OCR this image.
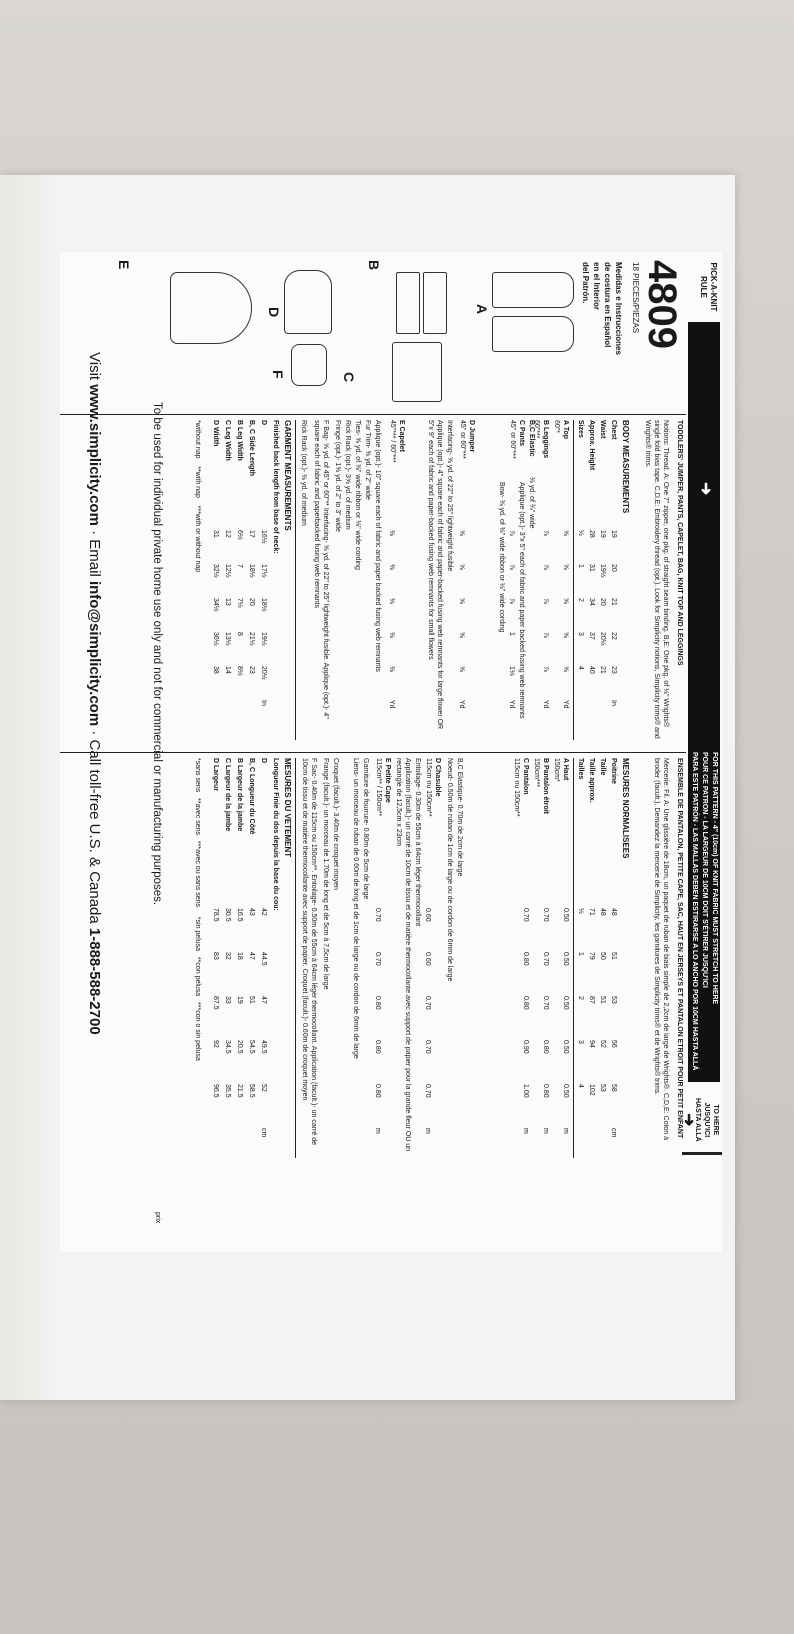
PICK-A-KNIT
RULE
FOR THIS PATTERN - 4" (10cm) OF KNIT FABRIC MUST STRETCH TO HERE
POUR CE PATRON - LA LARGEUR DE 10CM DOIT S'ÉTIRER JUSQU'ICI
PARA ESTE PATRÓN - LAS MALLAS DEBEN ESTIRARSE A LO ANCHO POR 10CM HASTA ALLÁ
➜
TO HERE
JUSQU'ICI
HASTA ALLÁ
➜
4809
18 PIECES/PIEZAS
Medidas e Instrucciones
de costura en Español
en el Interior
del Patrón.
A
B
C
D
F
E
TODDLERS' JUMPER, PANTS, CAPELET, BAG, KNIT TOP AND LEGGINGS
Notions: Thread. A: One 7" zipper, one pkg. of straight seam binding. B,E: One pkg. of ½" Wrights® single fold bias tape. C,D,E: Embroidery thread (opt.). Look for Simplicity notions, Simplicity trims® and Wrights® trims.
BODY MEASUREMENTS
Chest
19
20
21
22
23
In
Waist
19
19½
20
20½
21
Approx. Height
28
31
34
37
40
Sizes
½
1
2
3
4
A Top
60"*
⅝
⅝
⅝
⅝
⅝
Yd
B Leggings
60"***
⅞
⅞
⅞
⅞
⅞
Yd
C Pants
45" or 60"***
⅞
⅞
⅞
1
1⅛
Yd
D Jumper
45" or 60"***
⅝
⅝
⅝
⅝
⅝
Yd
E Capelet
45"*** / 60"***
⅜
⅜
⅜
⅜
⅜
Yd
B,C Elastic
⅜ yd. of ¾" wide
Applique (opt.)- 3"x 5" each of fabric and paper backed fusing web remnants
Bow- ⅜ yd. of ⅜" wide ribbon or ⅛" wide cording
Interfacing- ⅝ yd. of 22" to 25" lightweight fusible
Applique (opt.)- 4" square each of fabric and paper-backed fusing web remnants for large flower OR 5"x 9" each of fabric and paper-backed fusing web remnants for small flowers
Applique (opt.)- 10" square each of fabric and paper backed fusing web remnants
Fur Trim- ⅝ yd. of 2" wide
Ties- ⅝ yd. of ⅜" wide ribbon or ⅛" wide cording
Rick Rack (opt.)- 3⅝ yd. of medium
Fringe (opt.)- 1⅝ yd. of 2" to 3" wide
F Bag- ⅝ yd. of 45" or 60"** Interfacing- ⅝ yd. of 22" to 25" lightweight fusible. Applique (opt.)- 4" square each of fabric and paperbacked fusing web remnants
Rick Rack (opt.)- ⅜ yd. of medium
GARMENT MEASUREMENTS
Finished back length from base of neck:
D
16½
17½
18½
19½
20½
In
B, C Side Length
17
18½
20
21½
23
B Leg Width
6½
7
7½
8
8½
C Leg Width
12
12½
13
13½
14
D Width
31
32½
34½
36½
38
*without nap    **with nap    ***with or without nap
ENSEMBLE DE PANTALON, PETITE CAPE, SAC, HAUT EN JERSEYS ET PANTALON ETROIT POUR PETIT ENFANT
Mercerie: Fil. A: Une glissière de 18cm, un paquet de ruban de biais simple de 2,2cm de large de Wrights®. C,D,E: Coton à broder (facult.). Demandez la mercerie de Simplicity, les garnitures de Simplicity trims® et de Wrights® trims.
MESURES NORMALISEES
Poitrine
48
51
53
56
58
cm
Taille
48
50
51
52
53
Taille approx.
71
79
87
94
102
Tailles
½
1
2
3
4
A Haut
150cm*
0.50
0.50
0.50
0.50
0.50
m
B Pantalon étroit
150cm***
0.70
0.70
0.70
0.80
0.80
m
C Pantalon
115cm ou 150cm**
0.70
0.80
0.80
0.90
1.00
m
D Chasuble
115cm ou 150cm**
0.60
0.60
0.70
0.70
0.70
m
E Petite Cape
115cm** / 150cm**
0.70
0.70
0.80
0.80
0.80
m
B,C Elastique- 0.70m de 2cm de large
Noeud- 0.50m de ruban de 1cm de large ou de cordon de 6mm de large
Entoilage- 0.30m de 55cm à 64cm léger thermocollant
Application (facult.)- un carré de 10cm de tissu et de matière thermocollante avec support de papier pour la grande fleur OU un rectangle de 12,5cm x 23cm
Garniture de fourrure- 0.80m de 5cm de large
Liens- un morceau de ruban de 0.60m de long et de 1cm de large ou de cordon de 6mm de large
Croquet (facult.)- 3.40m de croquet moyen
Frange (facult.)- un morceau de 1.70m de long et de 5cm à 7,5cm de large
F Sac- 0.40m de 115cm ou 150cm**. Entoilage- 0.50m de 55cm à 64cm léger thermocollant. Application (facult.)- un carré de 10cm de tissu et de matière thermocollante avec support de papier. Croquet (facult.)- 0.60m de croquet moyen
MESURES DU VETEMENT
Longueur Finie du dos depuis la base du cou:
D
42
44.5
47
49.5
52
cm
B, C Longueur du Côté
43
47
51
54.5
58.5
B Largeur de la jambe
16.5
18
19
20.5
21.5
C Largeur de la jambe
30.5
32
33
34.5
35.5
D Largeur
78.5
83
87.5
92
96.5
*sans sens   **avec sens   ***avec ou sans sens     *sin pelusa   **con pelusa   ***con o sin pelusa
prix
To be used for individual private home use only and not for commercial or manufacturing purposes.
Visit www.simplicity.com · Email info@simplicity.com · Call toll-free U.S. & Canada 1-888-588-2700
